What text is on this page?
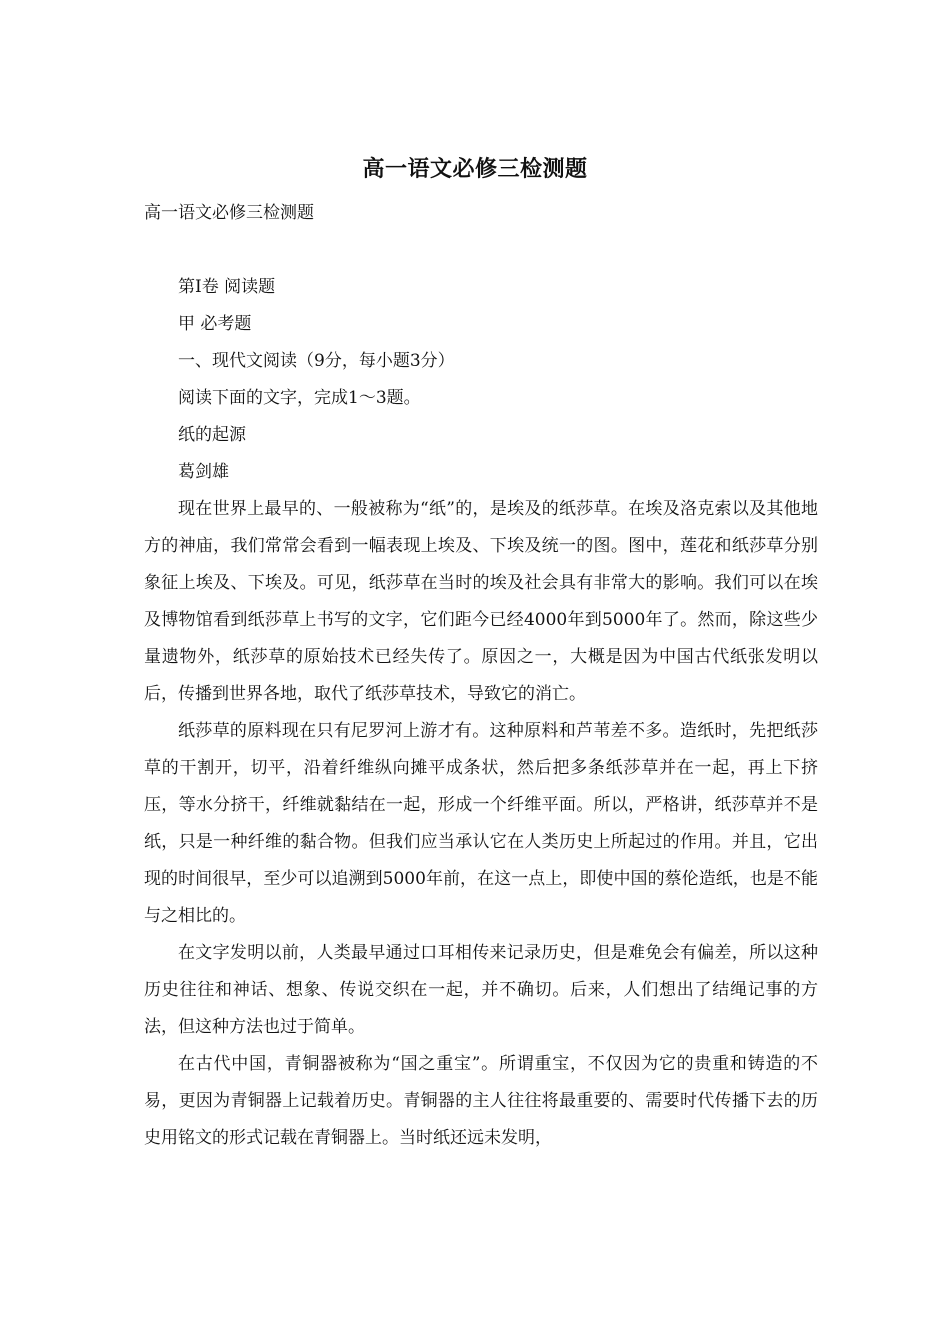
高一语文必修三检测题
高一语文必修三检测题

第Ⅰ卷 阅读题

甲 必考题

一、现代文阅读（9分，每小题3分）

阅读下面的文字，完成1～3题。

纸的起源

葛剑雄

现在世界上最早的、一般被称为“纸”的，是埃及的纸莎草。在埃及洛克索以及其他地方的神庙，我们常常会看到一幅表现上埃及、下埃及统一的图。图中，莲花和纸莎草分别象征上埃及、下埃及。可见，纸莎草在当时的埃及社会具有非常大的影响。我们可以在埃及博物馆看到纸莎草上书写的文字，它们距今已经4000年到5000年了。然而，除这些少量遗物外，纸莎草的原始技术已经失传了。原因之一，大概是因为中国古代纸张发明以后，传播到世界各地，取代了纸莎草技术，导致它的消亡。

纸莎草的原料现在只有尼罗河上游才有。这种原料和芦苇差不多。造纸时，先把纸莎草的干割开，切平，沿着纤维纵向摊平成条状，然后把多条纸莎草并在一起，再上下挤压，等水分挤干，纤维就黏结在一起，形成一个纤维平面。所以，严格讲，纸莎草并不是纸，只是一种纤维的黏合物。但我们应当承认它在人类历史上所起过的作用。并且，它出现的时间很早，至少可以追溯到5000年前，在这一点上，即使中国的蔡伦造纸，也是不能与之相比的。

在文字发明以前，人类最早通过口耳相传来记录历史，但是难免会有偏差，所以这种历史往往和神话、想象、传说交织在一起，并不确切。后来，人们想出了结绳记事的方法，但这种方法也过于简单。

在古代中国，青铜器被称为“国之重宝”。所谓重宝，不仅因为它的贵重和铸造的不易，更因为青铜器上记载着历史。青铜器的主人往往将最重要的、需要时代传播下去的历史用铭文的形式记载在青铜器上。当时纸还远未发明，
